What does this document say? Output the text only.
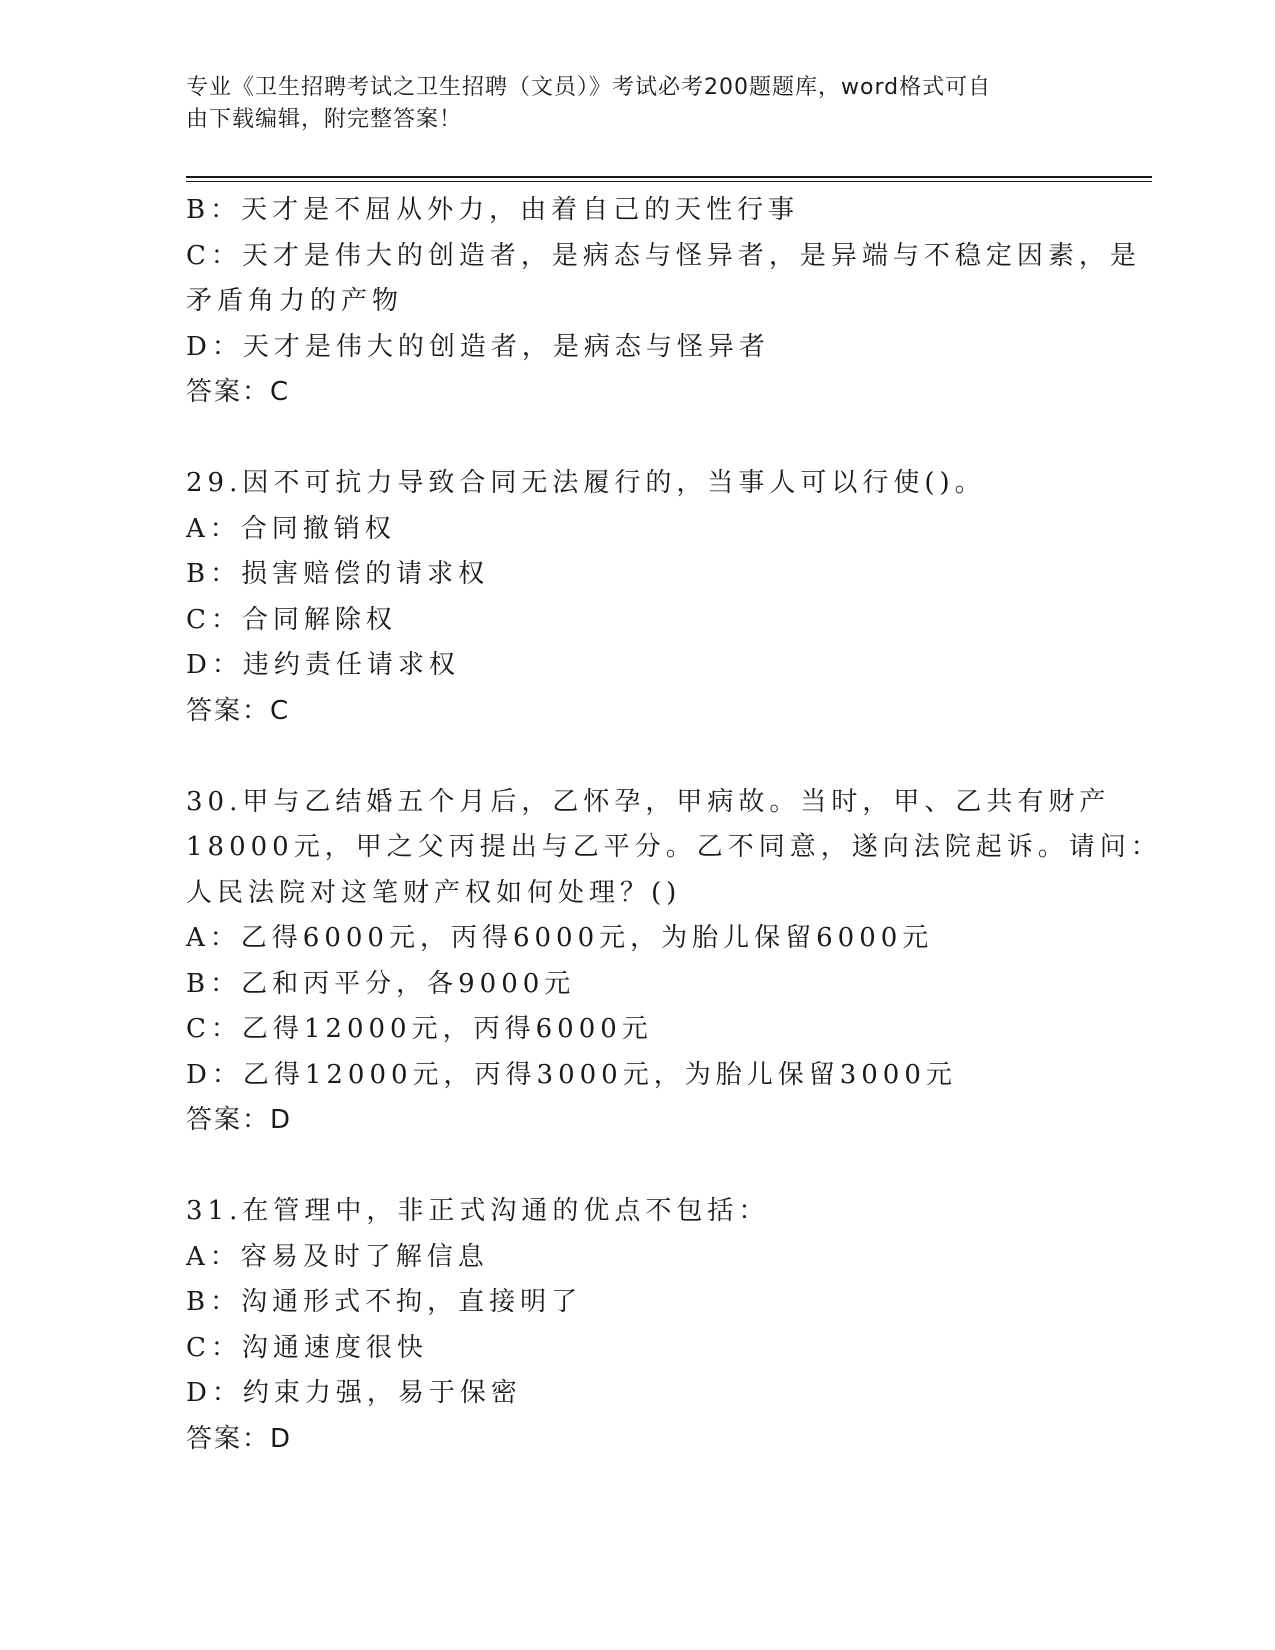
专业《卫生招聘考试之卫生招聘（文员）》考试必考200题题库，word格式可自
由下载编辑，附完整答案！
B：天才是不屈从外力，由着自己的天性行事
C：天才是伟大的创造者，是病态与怪异者，是异端与不稳定因素，是
矛盾角力的产物
D：天才是伟大的创造者，是病态与怪异者
答案：C
29.因不可抗力导致合同无法履行的，当事人可以行使()。
A：合同撤销权
B：损害赔偿的请求权
C：合同解除权
D：违约责任请求权
答案：C
30.甲与乙结婚五个月后，乙怀孕，甲病故。当时，甲、乙共有财产
18000元，甲之父丙提出与乙平分。乙不同意，遂向法院起诉。请问：
人民法院对这笔财产权如何处理？()
A：乙得6000元，丙得6000元，为胎儿保留6000元
B：乙和丙平分，各9000元
C：乙得12000元，丙得6000元
D：乙得12000元，丙得3000元，为胎儿保留3000元
答案：D
31.在管理中，非正式沟通的优点不包括：
A：容易及时了解信息
B：沟通形式不拘，直接明了
C：沟通速度很快
D：约束力强，易于保密
答案：D
